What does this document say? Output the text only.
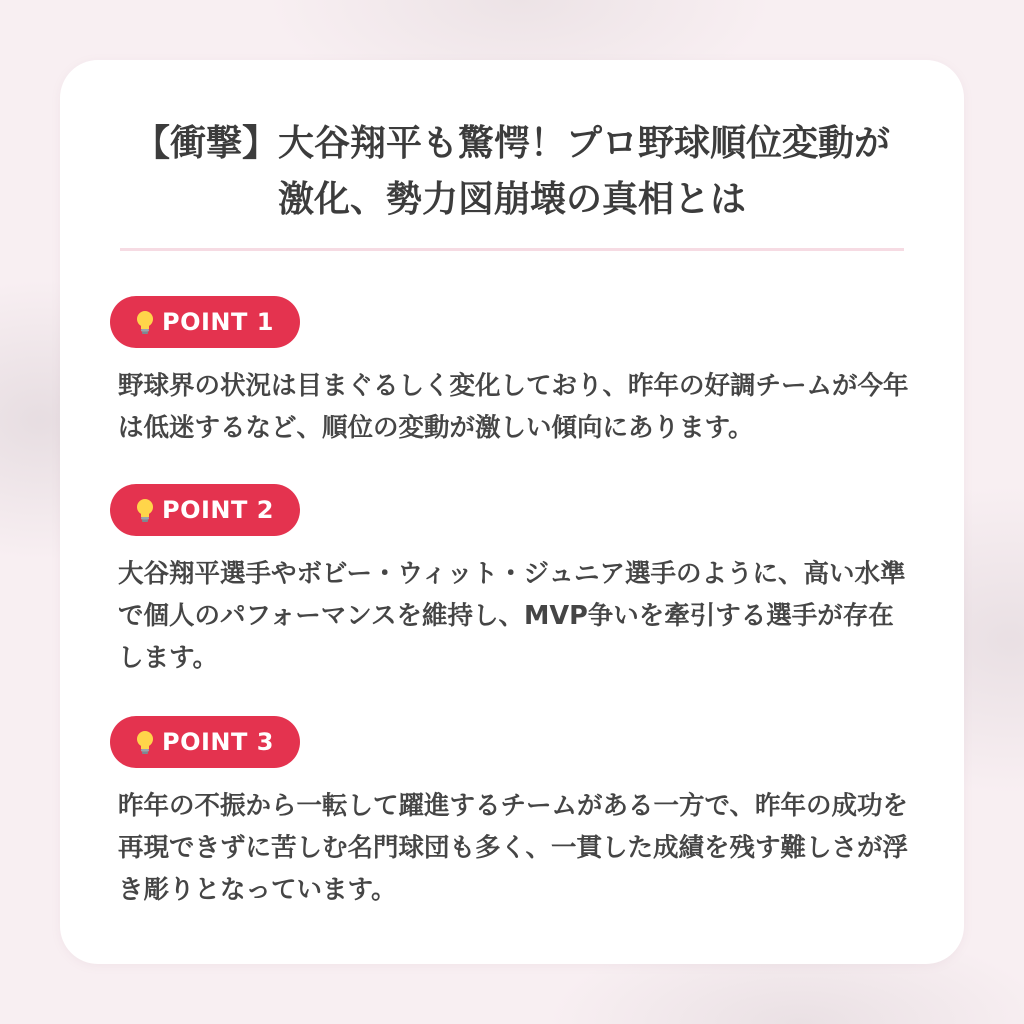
【衝撃】大谷翔平も驚愕！プロ野球順位変動が激化、勢力図崩壊の真相とは
POINT 1

野球界の状況は目まぐるしく変化しており、昨年の好調チームが今年は低迷するなど、順位の変動が激しい傾向にあります。

POINT 2

大谷翔平選手やボビー・ウィット・ジュニア選手のように、高い水準で個人のパフォーマンスを維持し、MVP争いを牽引する選手が存在します。

POINT 3

昨年の不振から一転して躍進するチームがある一方で、昨年の成功を再現できずに苦しむ名門球団も多く、一貫した成績を残す難しさが浮き彫りとなっています。
